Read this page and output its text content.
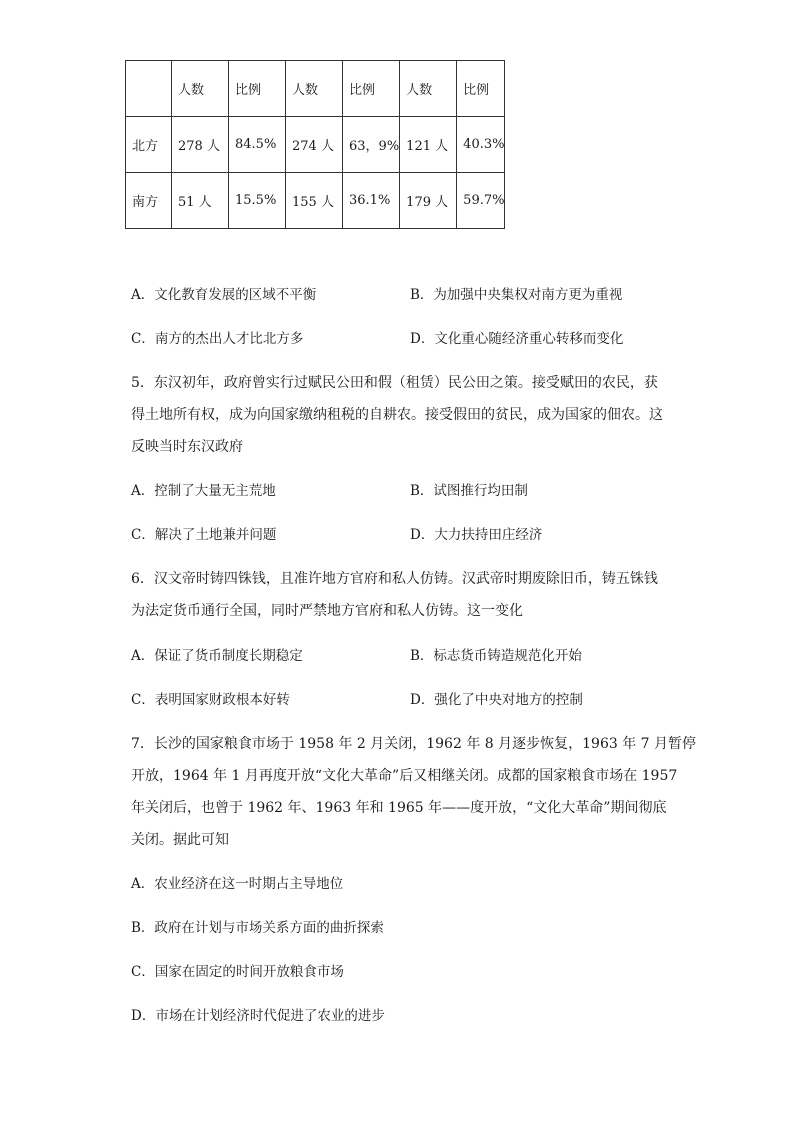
	人数	比例	人数	比例	人数	比例
北方	278 人	84.5%	274 人	63，9%	121 人	40.3%
南方	51 人	15.5%	155 人	36.1%	179 人	59.7%
A．文化教育发展的区域不平衡	B．为加强中央集权对南方更为重视
C．南方的杰出人才比北方多	D．文化重心随经济重心转移而变化
5．东汉初年，政府曾实行过赋民公田和假（租赁）民公田之策。接受赋田的农民，获
得土地所有权，成为向国家缴纳租税的自耕农。接受假田的贫民，成为国家的佃农。这
反映当时东汉政府
A．控制了大量无主荒地	B．试图推行均田制
C．解决了土地兼并问题	D．大力扶持田庄经济
6．汉文帝时铸四铢钱，且准许地方官府和私人仿铸。汉武帝时期废除旧币，铸五铢钱
为法定货币通行全国，同时严禁地方官府和私人仿铸。这一变化
A．保证了货币制度长期稳定	B．标志货币铸造规范化开始
C．表明国家财政根本好转	D．强化了中央对地方的控制
7．长沙的国家粮食市场于 1958 年 2 月关闭，1962 年 8 月逐步恢复，1963 年 7 月暂停
开放，1964 年 1 月再度开放“文化大革命”后又相继关闭。成都的国家粮食市场在 1957
年关闭后，也曾于 1962 年、1963 年和 1965 年——度开放，“文化大革命”期间彻底
关闭。据此可知
A．农业经济在这一时期占主导地位
B．政府在计划与市场关系方面的曲折探索
C．国家在固定的时间开放粮食市场
D．市场在计划经济时代促进了农业的进步
